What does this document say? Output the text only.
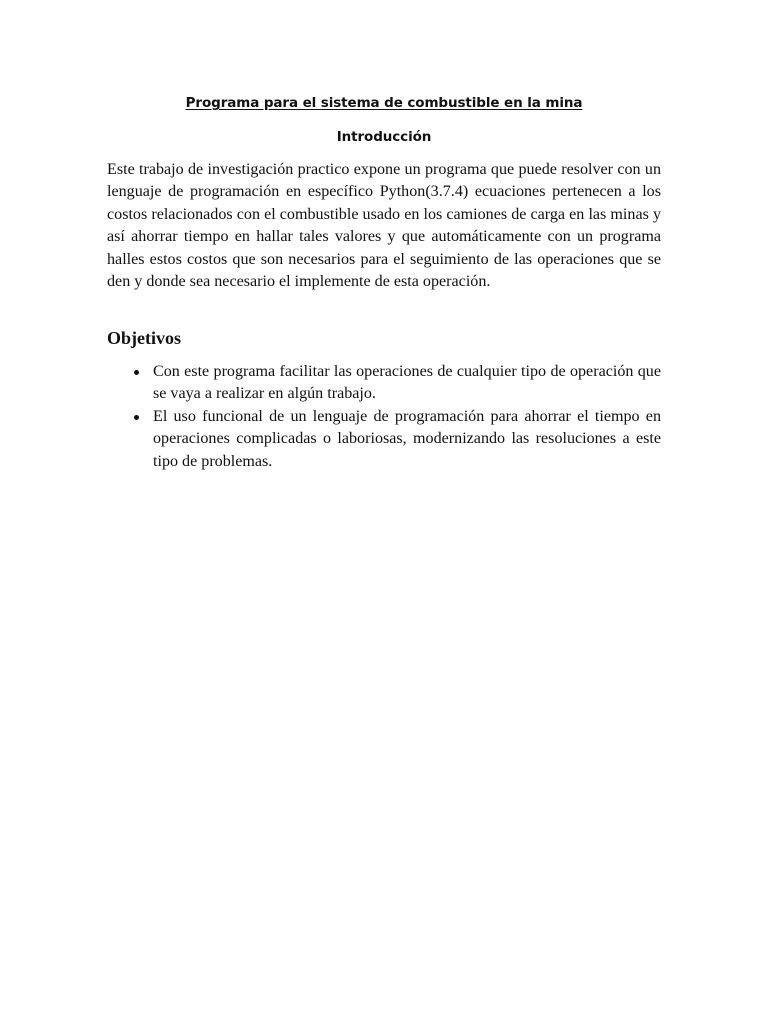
Programa para el sistema de combustible en la mina
Introducción

Este trabajo de investigación practico expone un programa que puede resolver con un lenguaje de programación en específico Python(3.7.4) ecuaciones pertenecen a los costos relacionados con el combustible usado en los camiones de carga en las minas y así ahorrar tiempo en hallar tales valores y que automáticamente con un programa halles estos costos que son necesarios para el seguimiento de las operaciones que se den y donde sea necesario el implemente de esta operación.

Objetivos
Con este programa facilitar las operaciones de cualquier tipo de operación que se vaya a realizar en algún trabajo.
El uso funcional de un lenguaje de programación para ahorrar el tiempo en operaciones complicadas o laboriosas, modernizando las resoluciones a este tipo de problemas.
